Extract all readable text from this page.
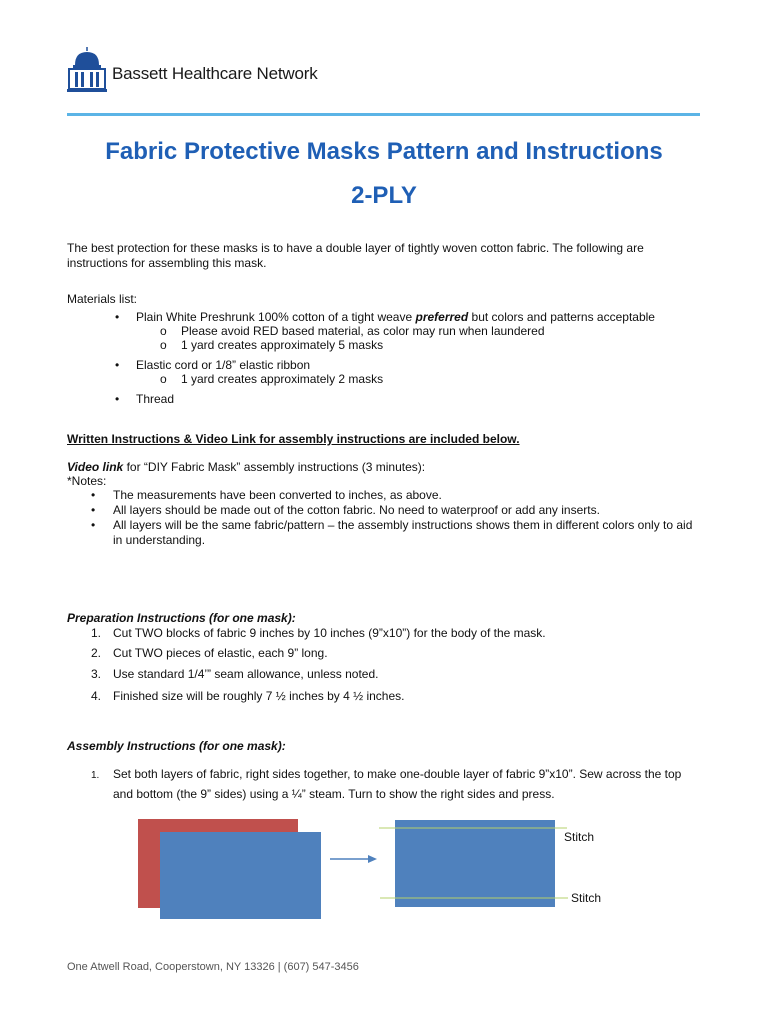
Bassett Healthcare Network
Fabric Protective Masks Pattern and Instructions
2-PLY
The best protection for these masks is to have a double layer of tightly woven cotton fabric. The following are
instructions for assembling this mask.
Materials list:
• Plain White Preshrunk 100% cotton of a tight weave preferred but colors and patterns acceptable
o Please avoid RED based material, as color may run when laundered
o 1 yard creates approximately 5 masks
• Elastic cord or 1/8” elastic ribbon
o 1 yard creates approximately 2 masks
• Thread
Written Instructions & Video Link for assembly instructions are included below.
Video link for “DIY Fabric Mask” assembly instructions (3 minutes):
*Notes:
• The measurements have been converted to inches, as above.
• All layers should be made out of the cotton fabric. No need to waterproof or add any inserts.
• All layers will be the same fabric/pattern – the assembly instructions shows them in different colors only to aid
in understanding.
Preparation Instructions (for one mask):
1. Cut TWO blocks of fabric 9 inches by 10 inches (9”x10”) for the body of the mask.
2. Cut TWO pieces of elastic, each 9” long.
3. Use standard 1/4’” seam allowance, unless noted.
4. Finished size will be roughly 7 ½ inches by 4 ½ inches.
Assembly Instructions (for one mask):
1. Set both layers of fabric, right sides together, to make one-double layer of fabric 9”x10”. Sew across the top
and bottom (the 9” sides) using a ¼” steam. Turn to show the right sides and press.
Stitch
Stitch
One Atwell Road, Cooperstown, NY 13326 | (607) 547-3456
